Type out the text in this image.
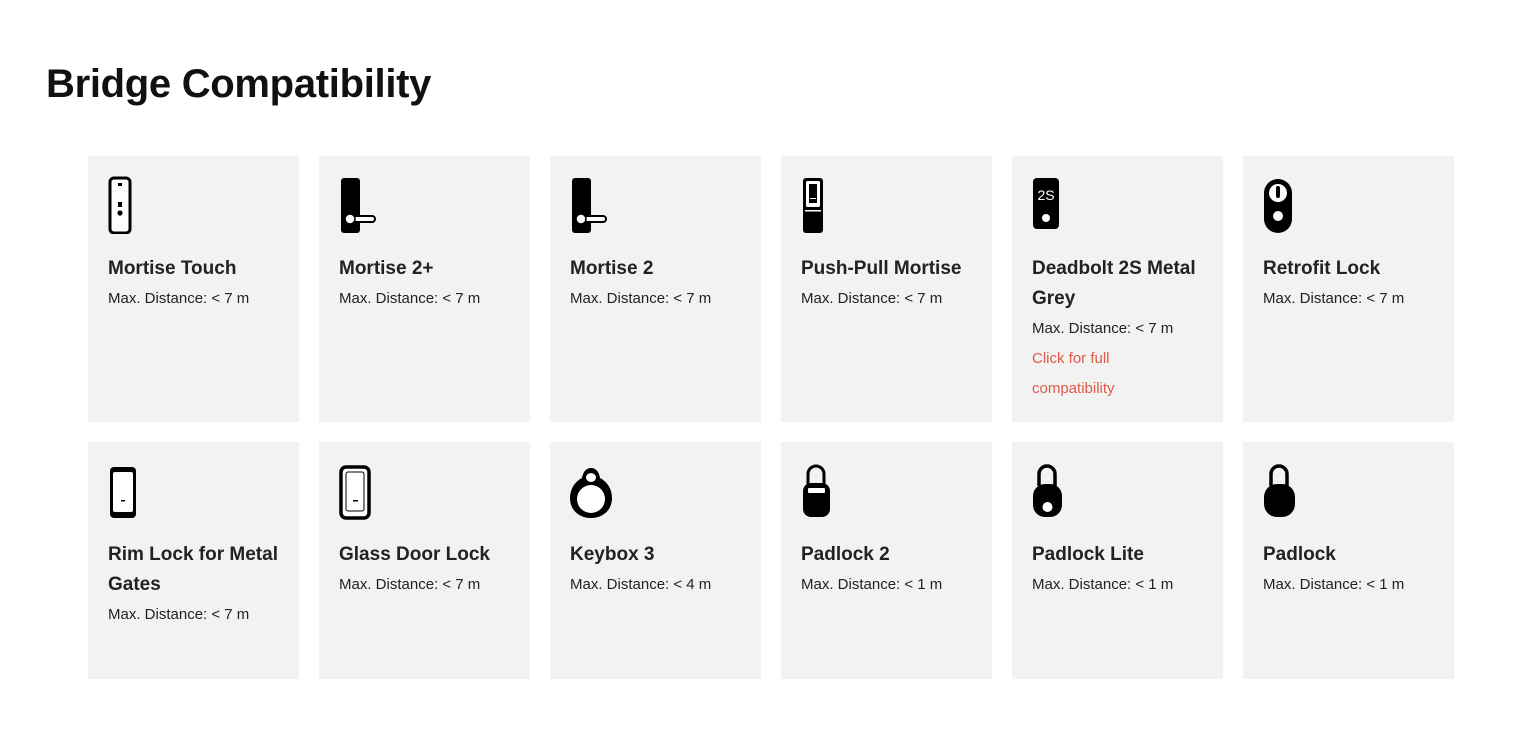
Bridge Compatibility
Mortise Touch
Max. Distance: < 7 m
Mortise 2+
Max. Distance: < 7 m
Mortise 2
Max. Distance: < 7 m
Push-Pull Mortise
Max. Distance: < 7 m
2S
Deadbolt 2S Metal Grey
Max. Distance: < 7 m
Click for full compatibility
Retrofit Lock
Max. Distance: < 7 m
Rim Lock for Metal Gates
Max. Distance: < 7 m
Glass Door Lock
Max. Distance: < 7 m
Keybox 3
Max. Distance: < 4 m
Padlock 2
Max. Distance: < 1 m
Padlock Lite
Max. Distance: < 1 m
Padlock
Max. Distance: < 1 m
